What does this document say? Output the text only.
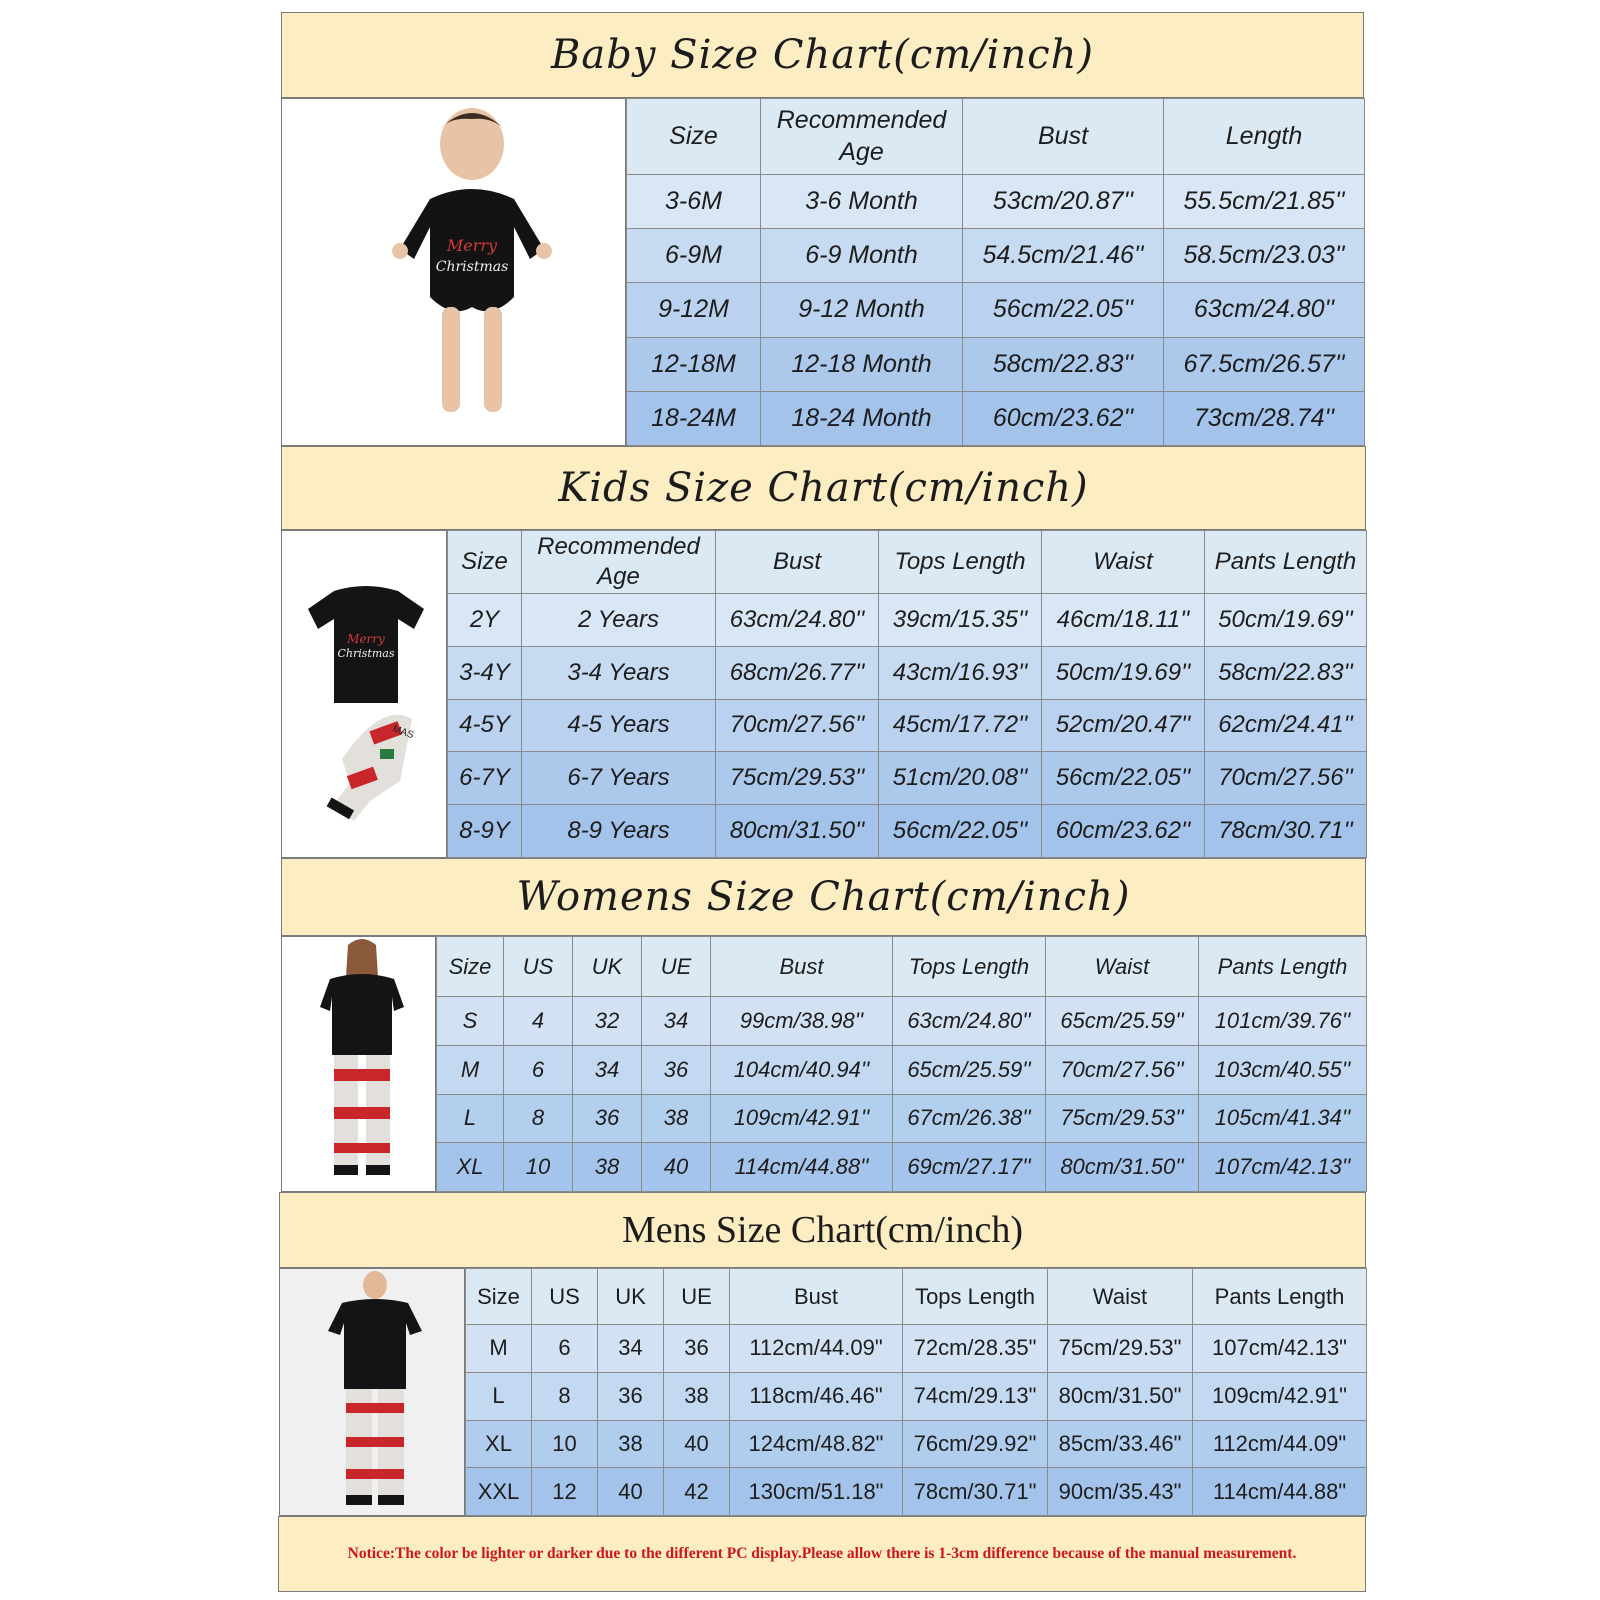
Baby Size Chart(cm/inch)
Merry
Christmas
Size	Recommended Age	Bust	Length
3-6M	3-6 Month	53cm/20.87''	55.5cm/21.85''
6-9M	6-9 Month	54.5cm/21.46''	58.5cm/23.03''
9-12M	9-12 Month	56cm/22.05''	63cm/24.80''
12-18M	12-18 Month	58cm/22.83''	67.5cm/26.57''
18-24M	18-24 Month	60cm/23.62''	73cm/28.74''
Kids Size Chart(cm/inch)
Merry
Christmas
MAS
Size	Recommended Age	Bust	Tops Length	Waist	Pants Length
2Y	2 Years	63cm/24.80''	39cm/15.35''	46cm/18.11''	50cm/19.69''
3-4Y	3-4 Years	68cm/26.77''	43cm/16.93''	50cm/19.69''	58cm/22.83''
4-5Y	4-5 Years	70cm/27.56''	45cm/17.72''	52cm/20.47''	62cm/24.41''
6-7Y	6-7 Years	75cm/29.53''	51cm/20.08''	56cm/22.05''	70cm/27.56''
8-9Y	8-9 Years	80cm/31.50''	56cm/22.05''	60cm/23.62''	78cm/30.71''
Womens Size Chart(cm/inch)
Size	US	UK	UE	Bust	Tops Length	Waist	Pants Length
S	4	32	34	99cm/38.98''	63cm/24.80''	65cm/25.59''	101cm/39.76''
M	6	34	36	104cm/40.94''	65cm/25.59''	70cm/27.56''	103cm/40.55''
L	8	36	38	109cm/42.91''	67cm/26.38''	75cm/29.53''	105cm/41.34''
XL	10	38	40	114cm/44.88''	69cm/27.17''	80cm/31.50''	107cm/42.13''
Mens Size Chart(cm/inch)
Size	US	UK	UE	Bust	Tops Length	Waist	Pants Length
M	6	34	36	112cm/44.09"	72cm/28.35"	75cm/29.53"	107cm/42.13"
L	8	36	38	118cm/46.46"	74cm/29.13"	80cm/31.50"	109cm/42.91"
XL	10	38	40	124cm/48.82"	76cm/29.92"	85cm/33.46"	112cm/44.09"
XXL	12	40	42	130cm/51.18"	78cm/30.71"	90cm/35.43"	114cm/44.88"
Notice:The color be lighter or darker due to the different PC display.Please allow there is 1-3cm difference because of the manual measurement.
